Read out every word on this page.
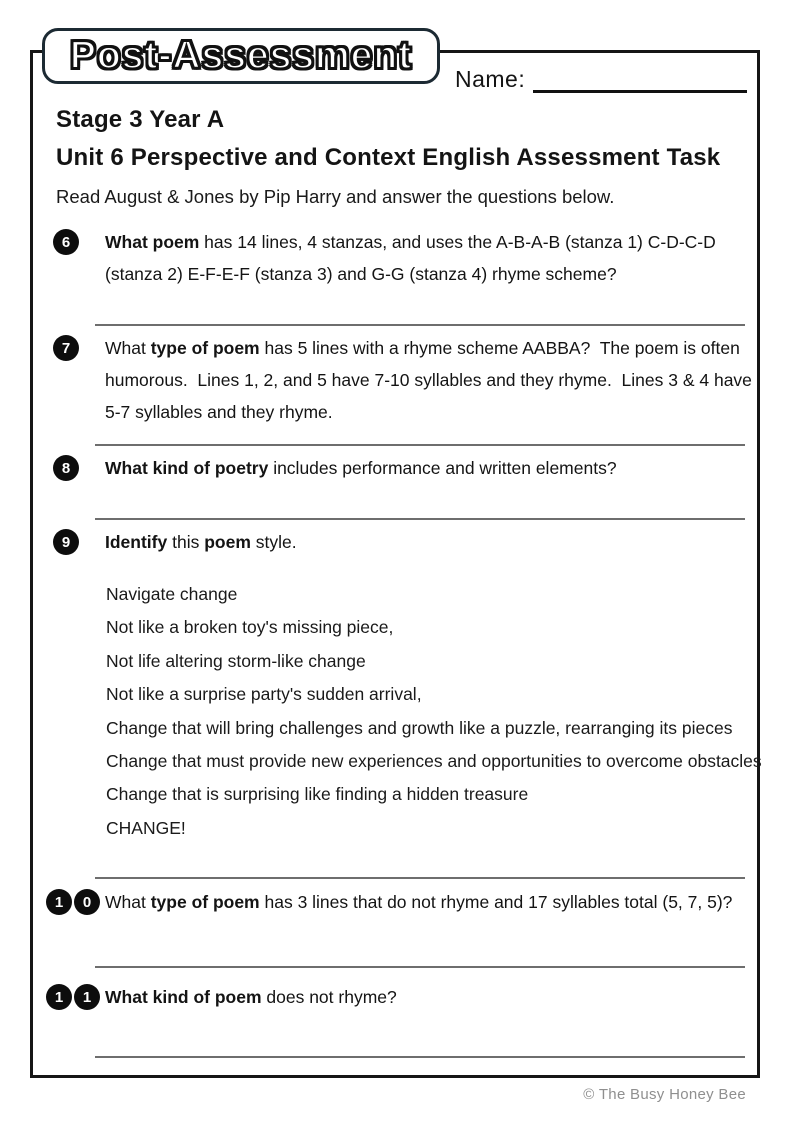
Post-Assessment
Name:
Stage 3 Year A
Unit 6 Perspective and Context English Assessment Task
Read August & Jones by Pip Harry and answer the questions below.
6	What poem has 14 lines, 4 stanzas, and uses the A-B-A-B (stanza 1) C-D-C-D (stanza 2) E-F-E-F (stanza 3) and G-G (stanza 4) rhyme scheme?
7	What type of poem has 5 lines with a rhyme scheme AABBA?  The poem is often humorous.  Lines 1, 2, and 5 have 7-10 syllables and they rhyme.  Lines 3 & 4 have 5-7 syllables and they rhyme.
8	What kind of poetry includes performance and written elements?
9	Identify this poem style.
Navigate change
Not like a broken toy's missing piece,
Not life altering storm-like change
Not like a surprise party's sudden arrival,
Change that will bring challenges and growth like a puzzle, rearranging its pieces
Change that must provide new experiences and opportunities to overcome obstacles
Change that is surprising like finding a hidden treasure
CHANGE!
1	0 What type of poem has 3 lines that do not rhyme and 17 syllables total (5, 7, 5)?
1	1 What kind of poem does not rhyme?
© The Busy Honey Bee
